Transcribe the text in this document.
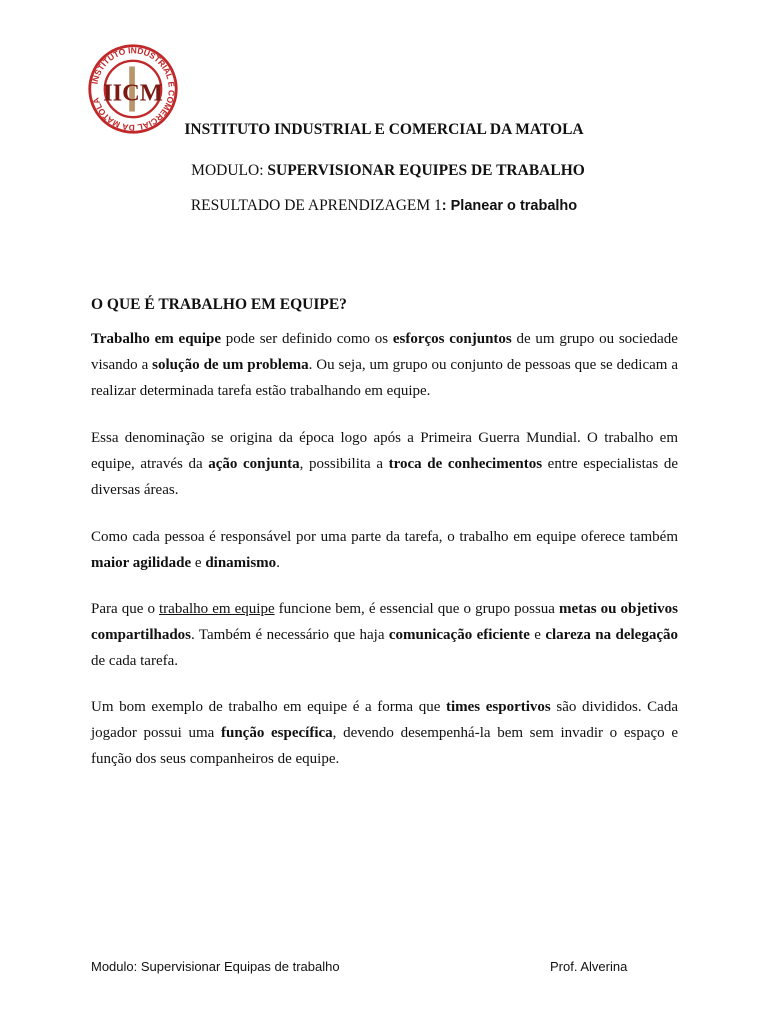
INSTITUTO INDUSTRIAL E COMERCIAL DA MATOLA IICM
INSTITUTO INDUSTRIAL E COMERCIAL DA MATOLA
MODULO: SUPERVISIONAR EQUIPES DE TRABALHO
RESULTADO DE APRENDIZAGEM 1: Planear o trabalho
O QUE É TRABALHO EM EQUIPE?

Trabalho em equipe pode ser definido como os esforços conjuntos de um grupo ou sociedade visando a solução de um problema. Ou seja, um grupo ou conjunto de pessoas que se dedicam a realizar determinada tarefa estão trabalhando em equipe.

Essa denominação se origina da época logo após a Primeira Guerra Mundial. O trabalho em equipe, através da ação conjunta, possibilita a troca de conhecimentos entre especialistas de diversas áreas.

Como cada pessoa é responsável por uma parte da tarefa, o trabalho em equipe oferece também maior agilidade e dinamismo.

Para que o trabalho em equipe funcione bem, é essencial que o grupo possua metas ou objetivos compartilhados. Também é necessário que haja comunicação eficiente e clareza na delegação de cada tarefa.

Um bom exemplo de trabalho em equipe é a forma que times esportivos são divididos. Cada jogador possui uma função específica, devendo desempenhá-la bem sem invadir o espaço e função dos seus companheiros de equipe.

Modulo: Supervisionar Equipas de trabalho	Prof. Alverina
